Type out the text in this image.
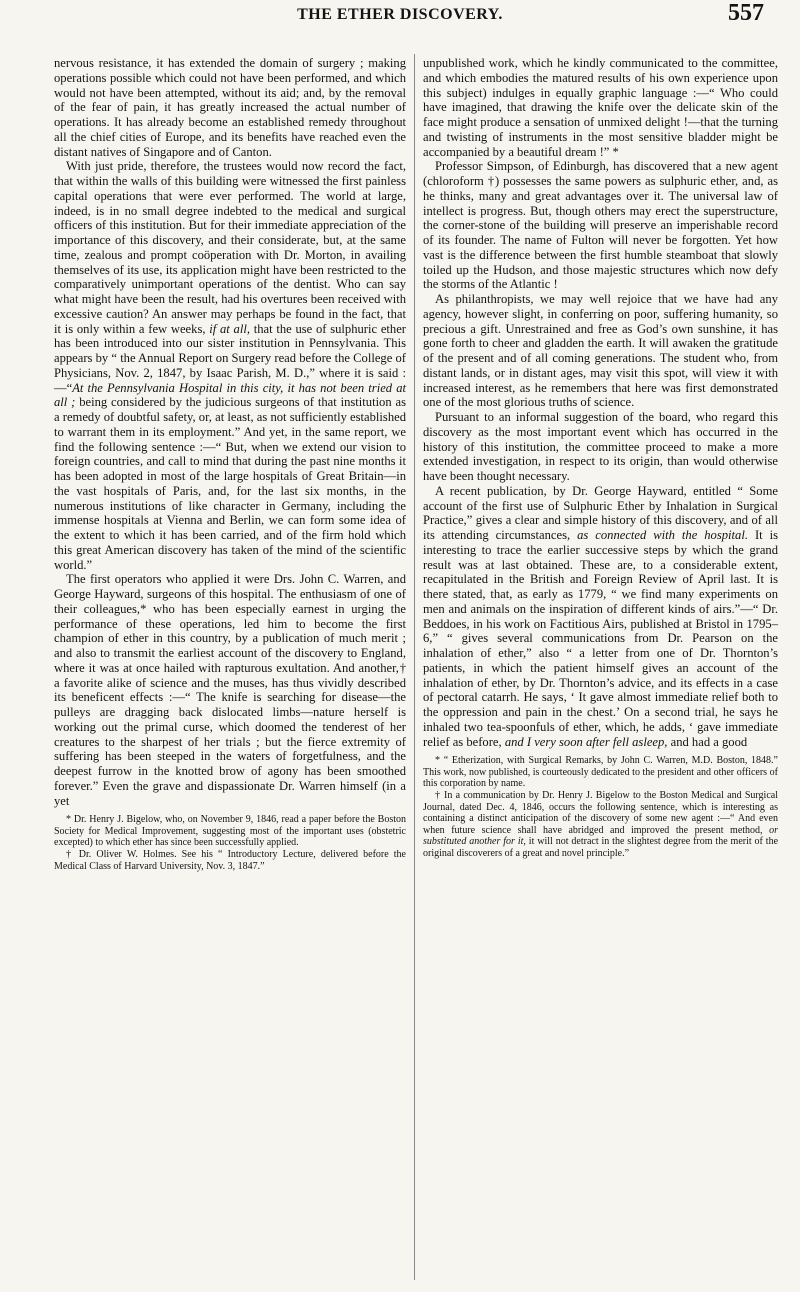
THE ETHER DISCOVERY.	557

nervous resistance, it has extended the domain of surgery ; making operations possible which could not have been performed, and which would not have been attempted, without its aid; and, by the removal of the fear of pain, it has greatly increased the actual number of operations. It has already become an established remedy throughout all the chief cities of Europe, and its benefits have reached even the distant natives of Singapore and of Canton.

With just pride, therefore, the trustees would now record the fact, that within the walls of this building were witnessed the first painless capital operations that were ever performed. The world at large, indeed, is in no small degree indebted to the medical and surgical officers of this institution. But for their immediate appreciation of the importance of this discovery, and their considerate, but, at the same time, zealous and prompt coöperation with Dr. Morton, in availing themselves of its use, its application might have been restricted to the comparatively unimportant operations of the dentist. Who can say what might have been the result, had his overtures been received with excessive caution? An answer may perhaps be found in the fact, that it is only within a few weeks, if at all, that the use of sulphuric ether has been introduced into our sister institution in Pennsylvania. This appears by “ the Annual Report on Surgery read before the College of Physicians, Nov. 2, 1847, by Isaac Parish, M. D.,” where it is said :—“At the Pennsylvania Hospital in this city, it has not been tried at all ; being considered by the judicious surgeons of that institution as a remedy of doubtful safety, or, at least, as not sufficiently established to warrant them in its employment.” And yet, in the same report, we find the following sentence :—“ But, when we extend our vision to foreign countries, and call to mind that during the past nine months it has been adopted in most of the large hospitals of Great Britain—in the vast hospitals of Paris, and, for the last six months, in the numerous institutions of like character in Germany, including the immense hospitals at Vienna and Berlin, we can form some idea of the extent to which it has been carried, and of the firm hold which this great American discovery has taken of the mind of the scientific world.”

The first operators who applied it were Drs. John C. Warren, and George Hayward, surgeons of this hospital. The enthusiasm of one of their colleagues,* who has been especially earnest in urging the performance of these operations, led him to become the first champion of ether in this country, by a publication of much merit ; and also to transmit the earliest account of the discovery to England, where it was at once hailed with rapturous exultation. And another,† a favorite alike of science and the muses, has thus vividly described its beneficent effects :—“ The knife is searching for disease—the pulleys are dragging back dislocated limbs—nature herself is working out the primal curse, which doomed the tenderest of her creatures to the sharpest of her trials ; but the fierce extremity of suffering has been steeped in the waters of forgetfulness, and the deepest furrow in the knotted brow of agony has been smoothed forever.” Even the grave and dispassionate Dr. Warren himself (in a yet

* Dr. Henry J. Bigelow, who, on November 9, 1846, read a paper before the Boston Society for Medical Improvement, suggesting most of the important uses (obstetric excepted) to which ether has since been successfully applied.

† Dr. Oliver W. Holmes. See his “ Introductory Lecture, delivered before the Medical Class of Harvard University, Nov. 3, 1847.”

unpublished work, which he kindly communicated to the committee, and which embodies the matured results of his own experience upon this subject) indulges in equally graphic language :—“ Who could have imagined, that drawing the knife over the delicate skin of the face might produce a sensation of unmixed delight !—that the turning and twisting of instruments in the most sensitive bladder might be accompanied by a beautiful dream !” *

Professor Simpson, of Edinburgh, has discovered that a new agent (chloroform †) possesses the same powers as sulphuric ether, and, as he thinks, many and great advantages over it. The universal law of intellect is progress. But, though others may erect the superstructure, the corner-stone of the building will preserve an imperishable record of its founder. The name of Fulton will never be forgotten. Yet how vast is the difference between the first humble steamboat that slowly toiled up the Hudson, and those majestic structures which now defy the storms of the Atlantic !

As philanthropists, we may well rejoice that we have had any agency, however slight, in conferring on poor, suffering humanity, so precious a gift. Unrestrained and free as God’s own sunshine, it has gone forth to cheer and gladden the earth. It will awaken the gratitude of the present and of all coming generations. The student who, from distant lands, or in distant ages, may visit this spot, will view it with increased interest, as he remembers that here was first demonstrated one of the most glorious truths of science.

Pursuant to an informal suggestion of the board, who regard this discovery as the most important event which has occurred in the history of this institution, the committee proceed to make a more extended investigation, in respect to its origin, than would otherwise have been thought necessary.

A recent publication, by Dr. George Hayward, entitled “ Some account of the first use of Sulphuric Ether by Inhalation in Surgical Practice,” gives a clear and simple history of this discovery, and of all its attending circumstances, as connected with the hospital. It is interesting to trace the earlier successive steps by which the grand result was at last obtained. These are, to a considerable extent, recapitulated in the British and Foreign Review of April last. It is there stated, that, as early as 1779, “ we find many experiments on men and animals on the inspiration of different kinds of airs.”—“ Dr. Beddoes, in his work on Factitious Airs, published at Bristol in 1795–6,” “ gives several communications from Dr. Pearson on the inhalation of ether,” also “ a letter from one of Dr. Thornton’s patients, in which the patient himself gives an account of the inhalation of ether, by Dr. Thornton’s advice, and its effects in a case of pectoral catarrh. He says, ‘ It gave almost immediate relief both to the oppression and pain in the chest.’ On a second trial, he says he inhaled two tea-spoonfuls of ether, which, he adds, ‘ gave immediate relief as before, and I very soon after fell asleep, and had a good

* “ Etherization, with Surgical Remarks, by John C. Warren, M.D. Boston, 1848.” This work, now published, is courteously dedicated to the president and other officers of this corporation by name.

† In a communication by Dr. Henry J. Bigelow to the Boston Medical and Surgical Journal, dated Dec. 4, 1846, occurs the following sentence, which is interesting as containing a distinct anticipation of the discovery of some new agent :—“ And even when future science shall have abridged and improved the present method, or substituted another for it, it will not detract in the slightest degree from the merit of the original discoverers of a great and novel principle.”
